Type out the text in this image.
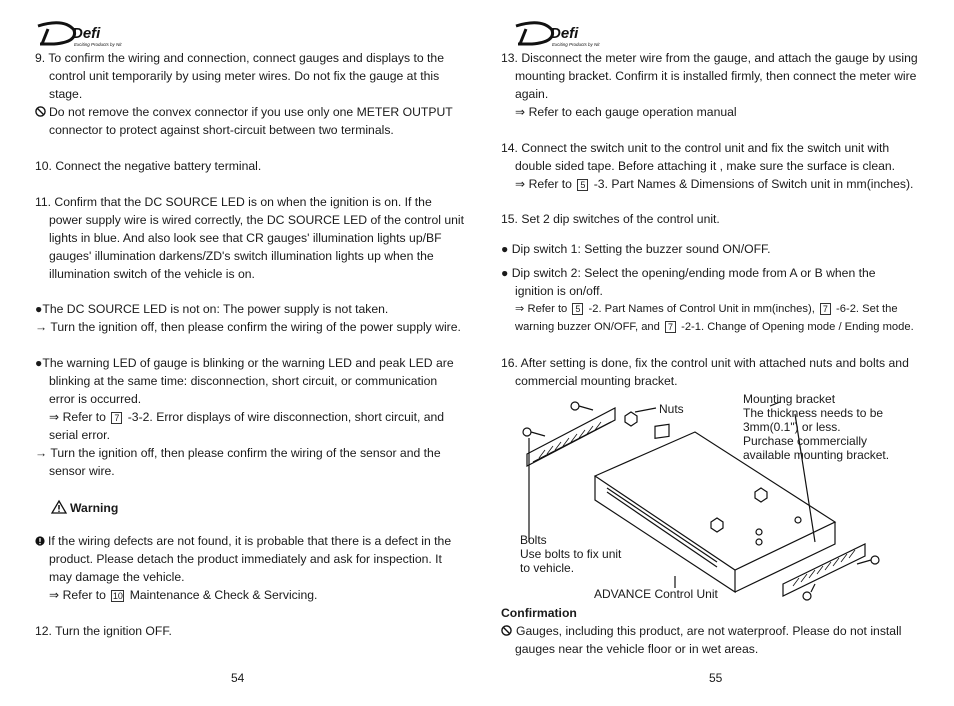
Defi
Exciting Products by Nit
9. To confirm the wiring and connection, connect gauges and displays to the
control unit temporarily by using meter wires. Do not fix the gauge at this
stage.
Do not remove the convex connector if you use only one METER OUTPUT
connector to protect against short-circuit between two terminals.
10. Connect the negative battery terminal.
11. Confirm that the DC SOURCE LED is on when the ignition is on. If the
power supply wire is wired correctly, the DC SOURCE LED of the control unit
lights in blue. And also look see that CR gauges' illumination lights up/BF
gauges' illumination darkens/ZD's switch illumination lights up when the
illumination switch of the vehicle is on.
●The DC SOURCE LED is not on: The power supply is not taken.
→ Turn the ignition off, then please confirm the wiring of the power supply wire.
●The warning LED of gauge is blinking or the warning LED and peak LED are
blinking at the same time: disconnection, short circuit, or communication
error is occurred.
⇒ Refer to 7 -3-2. Error displays of wire disconnection, short circuit, and
serial error.
→ Turn the ignition off, then please confirm the wiring of the sensor and the
sensor wire.
Warning
If the wiring defects are not found, it is probable that there is a defect in the
product. Please detach the product immediately and ask for inspection. It
may damage the vehicle.
⇒ Refer to 10 Maintenance & Check & Servicing.
12. Turn the ignition OFF.
54
Defi
Exciting Products by Nit
13. Disconnect the meter wire from the gauge, and attach the gauge by using
mounting bracket. Confirm it is installed firmly, then connect the meter wire
again.
⇒ Refer to each gauge operation manual
14. Connect the switch unit to the control unit and fix the switch unit with
double sided tape. Before attaching it , make sure the surface is clean.
⇒ Refer to 5 -3. Part Names & Dimensions of Switch unit in mm(inches).
15. Set 2 dip switches of the control unit.
● Dip switch 1: Setting the buzzer sound ON/OFF.
● Dip switch 2: Select the opening/ending mode from A or B when the
ignition is on/off.
⇒ Refer to 5 -2. Part Names of Control Unit in mm(inches), 7 -6-2. Set the
warning buzzer ON/OFF, and 7 -2-1. Change of Opening mode / Ending mode.
16. After setting is done, fix the control unit with attached nuts and bolts and
commercial mounting bracket.
Nuts
Mounting bracket
The thickness needs to be
3mm(0.1") or less.
Purchase commercially
available mounting bracket.
Bolts
Use bolts to fix unit
to vehicle.
ADVANCE Control Unit
Confirmation
Gauges, including this product, are not waterproof. Please do not install
gauges near the vehicle floor or in wet areas.
55
